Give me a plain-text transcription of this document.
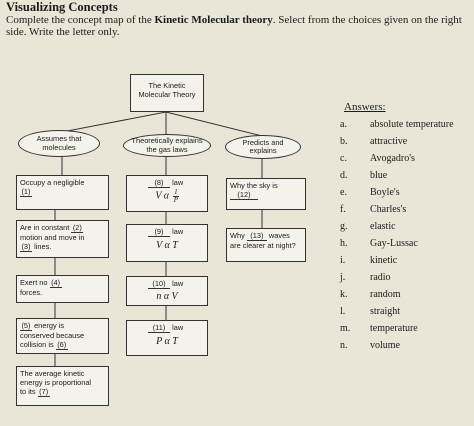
Visualizing Concepts
Complete the concept map of the Kinetic Molecular theory. Select from the choices given on the right side. Write the letter only.
The Kinetic Molecular Theory
Assumes that molecules
Theoretically explains the gas laws
Predicts and explains
Occupy a negligible
(1)
Are in constant (2)
motion and move in
(3) lines.
Exert no (4)
forces.
(5) energy is
conserved because
collision is (6)
The average kinetic
energy is proportional
to its (7)
(8) law
V α $\frac{1}{P}$
(9) law
V α T
(10) law
n α V
(11) law
P α T
Why the sky is
(12)
Why (13) waves
are clearer at night?
Answers:
a. absolute temperature
b. attractive
c. Avogadro's
d. blue
e. Boyle's
f. Charles's
g. elastic
h. Gay-Lussac
i. kinetic
j. radio
k. random
l. straight
m. temperature
n. volume
